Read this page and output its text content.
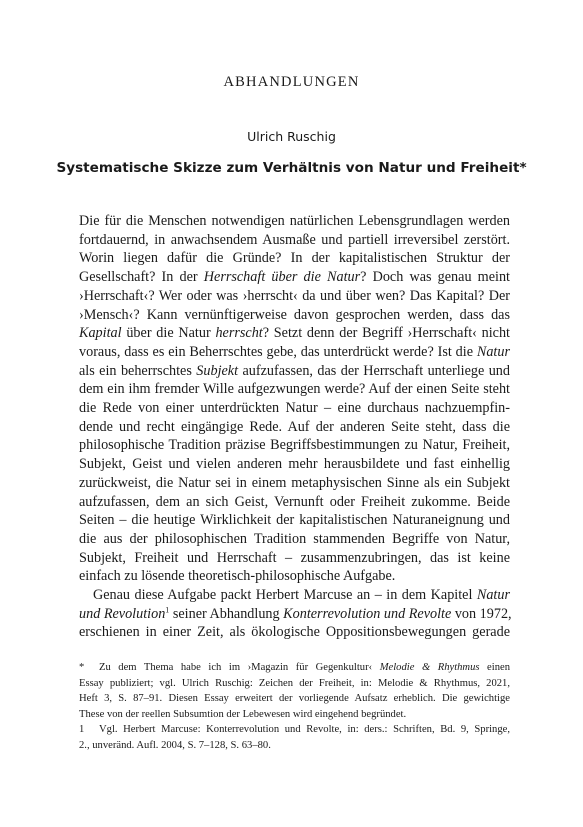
ABHANDLUNGEN
Ulrich Ruschig
Systematische Skizze zum Verhältnis von Natur und Freiheit*

Die für die Menschen notwendigen natürlichen Lebensgrundlagen werden

fortdauernd, in anwachsendem Ausmaße und partiell irreversibel zerstört.

Worin liegen dafür die Gründe? In der kapitalistischen Struktur der

Gesellschaft? In der Herrschaft über die Natur? Doch was genau meint

›Herrschaft‹? Wer oder was ›herrscht‹ da und über wen? Das Kapital? Der

›Mensch‹? Kann vernünftigerweise davon gesprochen werden, dass das

Kapital über die Natur herrscht? Setzt denn der Begriff ›Herrschaft‹ nicht

voraus, dass es ein Beherrschtes gebe, das unterdrückt werde? Ist die Natur

als ein beherrschtes Subjekt aufzufassen, das der Herrschaft unterliege und

dem ein ihm fremder Wille aufgezwungen werde? Auf der einen Seite steht

die Rede von einer unterdrückten Natur – eine durchaus nachzuempfin-

dende und recht eingängige Rede. Auf der anderen Seite steht, dass die

philosophische Tradition präzise Begriffsbestimmungen zu Natur, Freiheit,

Subjekt, Geist und vielen anderen mehr herausbildete und fast einhellig

zurückweist, die Natur sei in einem metaphysischen Sinne als ein Subjekt

aufzufassen, dem an sich Geist, Vernunft oder Freiheit zukomme. Beide

Seiten – die heutige Wirklichkeit der kapitalistischen Naturaneignung und

die aus der philosophischen Tradition stammenden Begriffe von Natur,

Subjekt, Freiheit und Herrschaft – zusammenzubringen, das ist keine

einfach zu lösende theoretisch-philosophische Aufgabe.

Genau diese Aufgabe packt Herbert Marcuse an – in dem Kapitel Natur

und Revolution$^1$ seiner Abhandlung Konterrevolution und Revolte von 1972,

erschienen in einer Zeit, als ökologische Oppositionsbewegungen gerade

* Zu dem Thema habe ich im ›Magazin für Gegenkultur‹ Melodie & Rhythmus einen

Essay publiziert; vgl. Ulrich Ruschig: Zeichen der Freiheit, in: Melodie & Rhythmus, 2021,

Heft 3, S. 87–91. Diesen Essay erweitert der vorliegende Aufsatz erheblich. Die gewichtige

These von der reellen Subsumtion der Lebewesen wird eingehend begründet.

1 Vgl. Herbert Marcuse: Konterrevolution und Revolte, in: ders.: Schriften, Bd. 9, Springe,

2., unveränd. Aufl. 2004, S. 7–128, S. 63–80.
